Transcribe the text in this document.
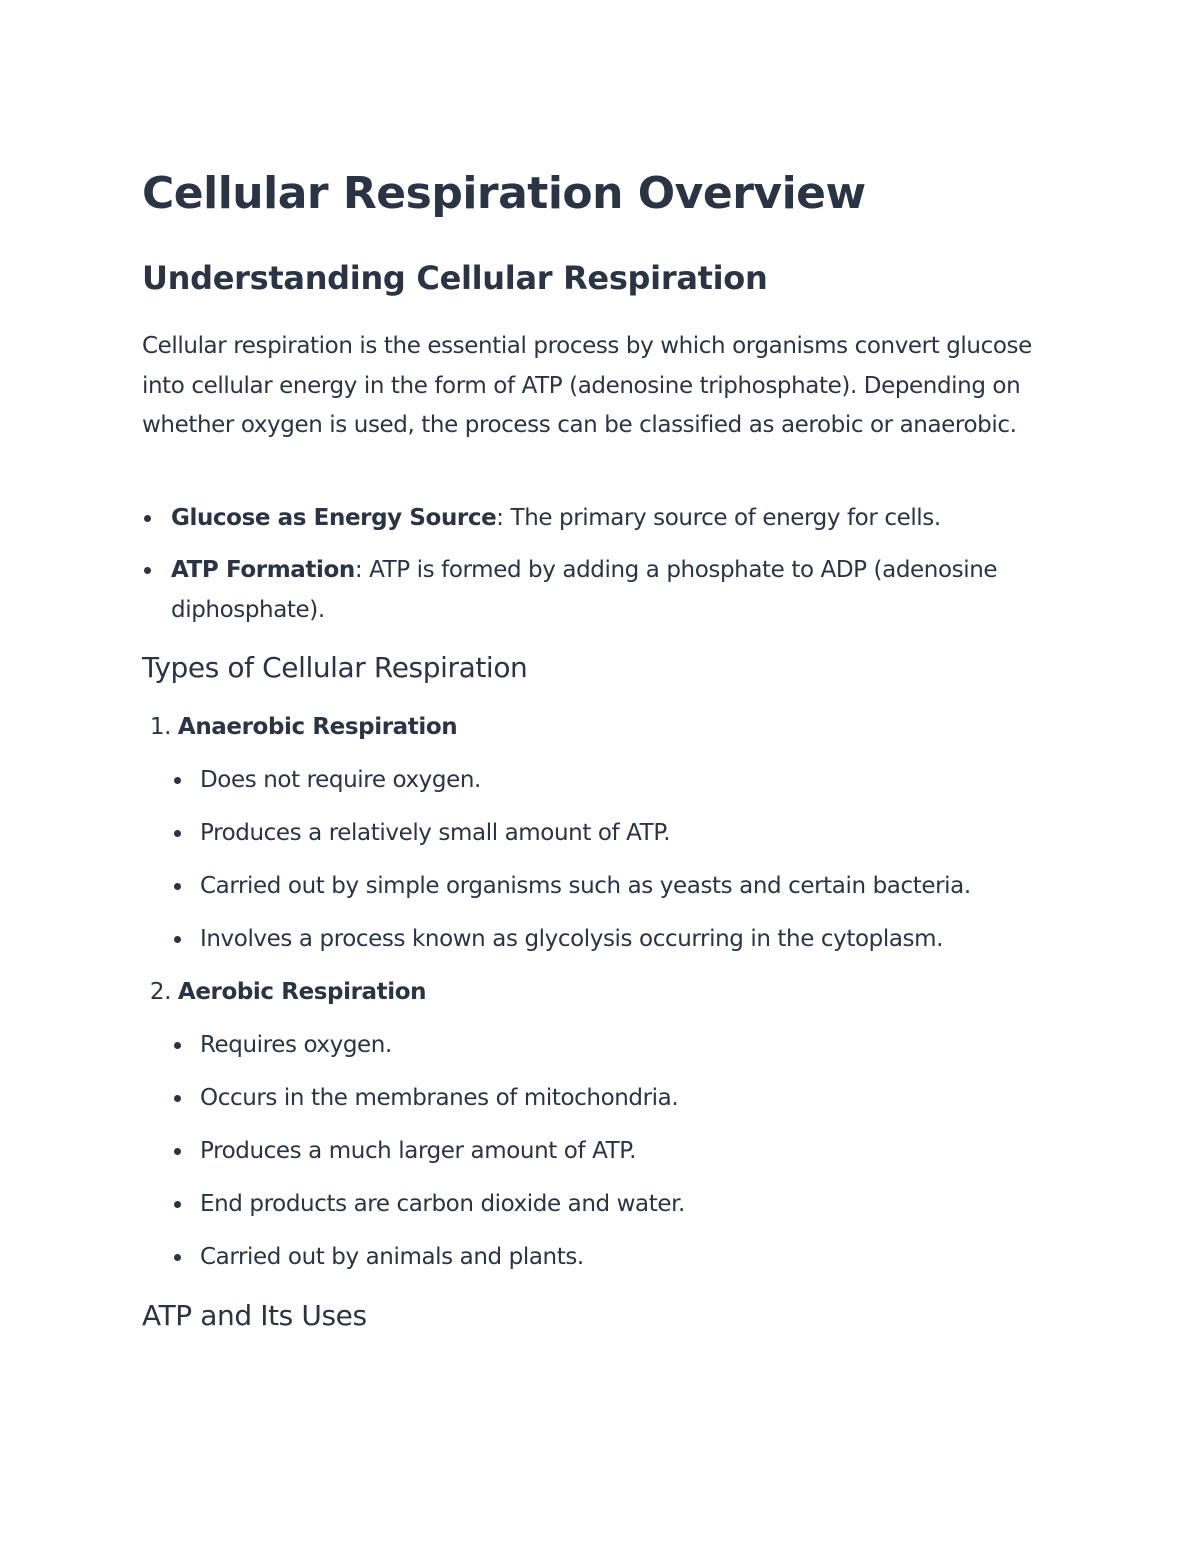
Cellular Respiration Overview
Understanding Cellular Respiration

Cellular respiration is the essential process by which organisms convert glucose into cellular energy in the form of ATP (adenosine triphosphate). Depending on whether oxygen is used, the process can be classified as aerobic or anaerobic.

Glucose as Energy Source: The primary source of energy for cells.
ATP Formation: ATP is formed by adding a phosphate to ADP (adenosine diphosphate).
Types of Cellular Respiration
1. Anaerobic Respiration
Does not require oxygen.
Produces a relatively small amount of ATP.
Carried out by simple organisms such as yeasts and certain bacteria.
Involves a process known as glycolysis occurring in the cytoplasm.
2. Aerobic Respiration
Requires oxygen.
Occurs in the membranes of mitochondria.
Produces a much larger amount of ATP.
End products are carbon dioxide and water.
Carried out by animals and plants.
ATP and Its Uses
